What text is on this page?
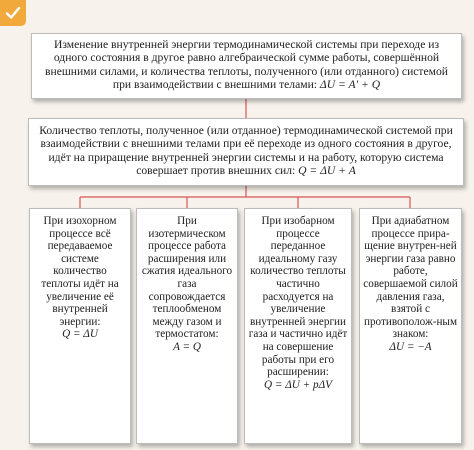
Изменение внутренней энергии термодинамической системы при переходе из одного состояния в другое равно алгебраической сумме работы, совершённой внешними силами, и количества теплоты, полученного (или отданного) системой при взаимодействии с внешними телами: ΔU = A′ + Q
Количество теплоты, полученное (или отданное) термодинамической системой при взаимодействии с внешними телами при её переходе из одного состояния в другое, идёт на приращение внутренней энергии системы и на работу, которую система совершает против внешних сил: Q = ΔU + A
При изохорном процессе всё передаваемое системе количество теплоты идёт на увеличение её внутренней энергии:
Q = ΔU
При изотермическом процессе работа расширения или сжатия идеального газа сопровождается теплообменом между газом и термостатом:
A = Q
При изобарном процессе переданное идеальному газу количество теплоты частично расходуется на увеличение внутренней энергии газа и частично идёт на совершение работы при его расширении:
Q = ΔU + pΔV
При адиабатном процессе прира-щение внутрен-ней энергии газа равно работе, совершаемой силой давления газа, взятой с противополож-ным знаком:
ΔU = −A
